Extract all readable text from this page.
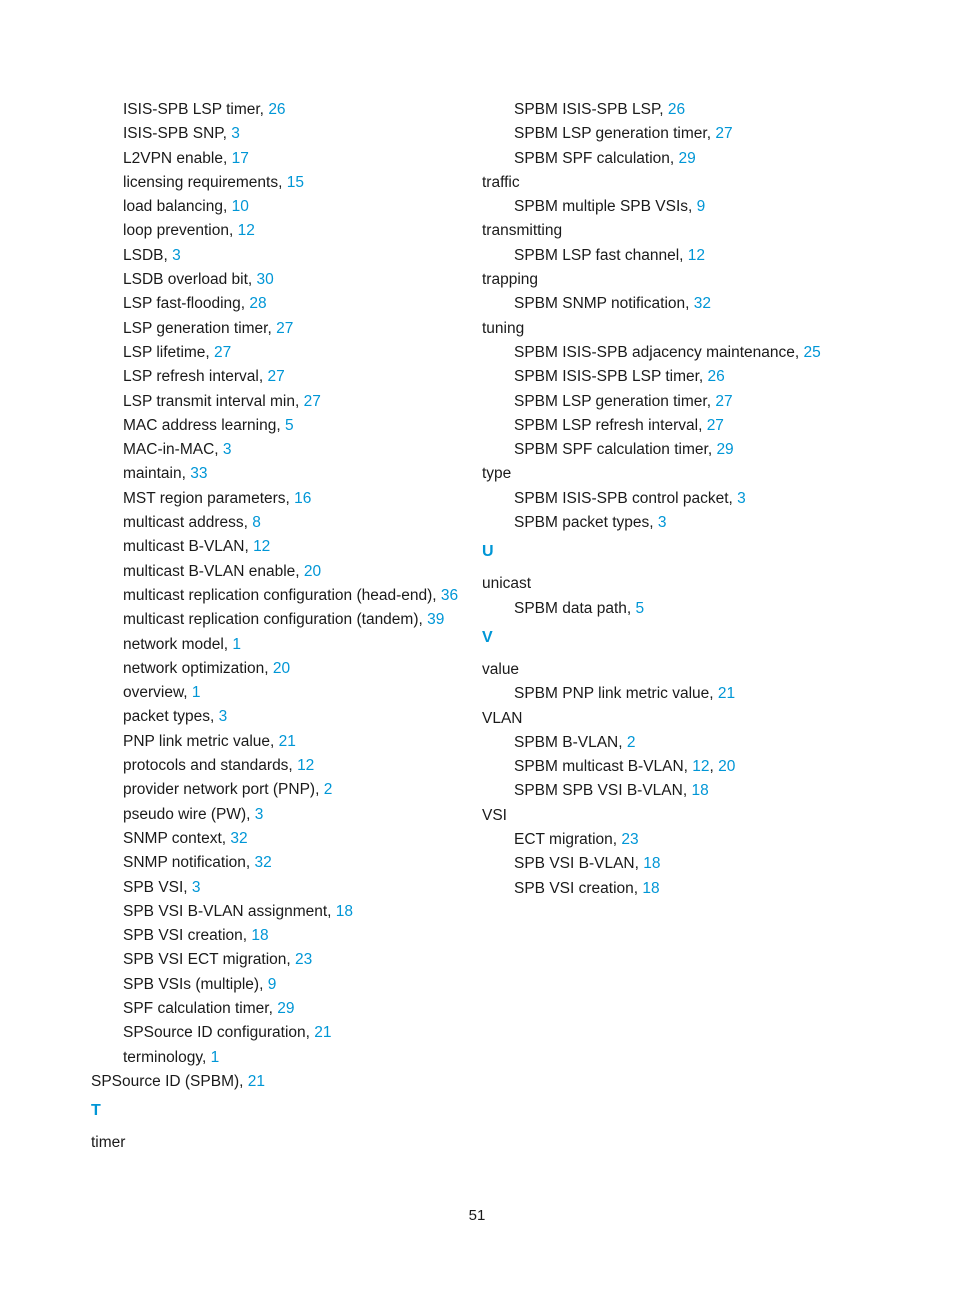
ISIS-SPB LSP timer, 26
ISIS-SPB SNP, 3
L2VPN enable, 17
licensing requirements, 15
load balancing, 10
loop prevention, 12
LSDB, 3
LSDB overload bit, 30
LSP fast-flooding, 28
LSP generation timer, 27
LSP lifetime, 27
LSP refresh interval, 27
LSP transmit interval min, 27
MAC address learning, 5
MAC-in-MAC, 3
maintain, 33
MST region parameters, 16
multicast address, 8
multicast B-VLAN, 12
multicast B-VLAN enable, 20
multicast replication configuration (head-end), 36
multicast replication configuration (tandem), 39
network model, 1
network optimization, 20
overview, 1
packet types, 3
PNP link metric value, 21
protocols and standards, 12
provider network port (PNP), 2
pseudo wire (PW), 3
SNMP context, 32
SNMP notification, 32
SPB VSI, 3
SPB VSI B-VLAN assignment, 18
SPB VSI creation, 18
SPB VSI ECT migration, 23
SPB VSIs (multiple), 9
SPF calculation timer, 29
SPSource ID configuration, 21
terminology, 1
SPSource ID (SPBM), 21
T
timer
SPBM ISIS-SPB LSP, 26
SPBM LSP generation timer, 27
SPBM SPF calculation, 29
traffic
SPBM multiple SPB VSIs, 9
transmitting
SPBM LSP fast channel, 12
trapping
SPBM SNMP notification, 32
tuning
SPBM ISIS-SPB adjacency maintenance, 25
SPBM ISIS-SPB LSP timer, 26
SPBM LSP generation timer, 27
SPBM LSP refresh interval, 27
SPBM SPF calculation timer, 29
type
SPBM ISIS-SPB control packet, 3
SPBM packet types, 3
U
unicast
SPBM data path, 5
V
value
SPBM PNP link metric value, 21
VLAN
SPBM B-VLAN, 2
SPBM multicast B-VLAN, 12, 20
SPBM SPB VSI B-VLAN, 18
VSI
ECT migration, 23
SPB VSI B-VLAN, 18
SPB VSI creation, 18
51
